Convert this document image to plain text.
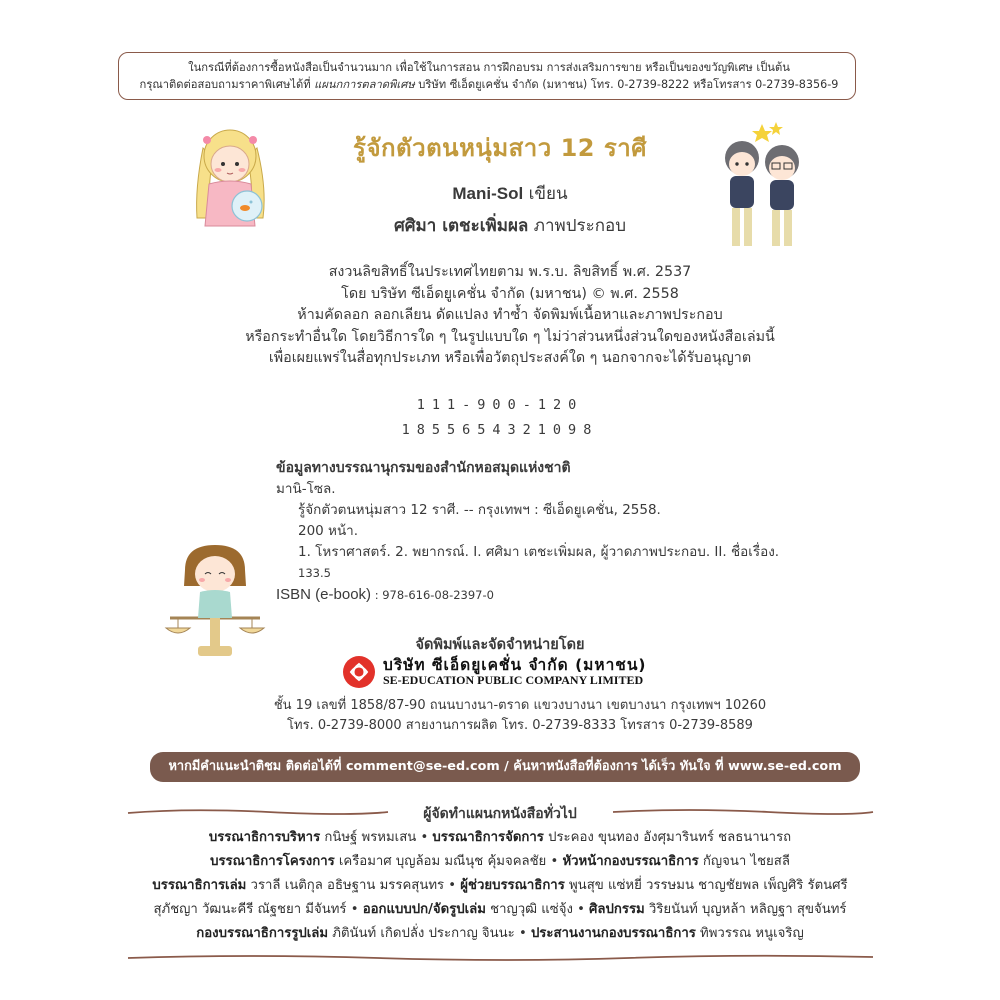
ในกรณีที่ต้องการซื้อหนังสือเป็นจำนวนมาก เพื่อใช้ในการสอน การฝึกอบรม การส่งเสริมการขาย หรือเป็นของขวัญพิเศษ เป็นต้น
กรุณาติดต่อสอบถามราคาพิเศษได้ที่ แผนกการตลาดพิเศษ บริษัท ซีเอ็ดยูเคชั่น จำกัด (มหาชน) โทร. 0-2739-8222 หรือโทรสาร 0-2739-8356-9
รู้จักตัวตนหนุ่มสาว 12 ราศี
Mani-Sol เขียน
ศศิมา เตชะเพิ่มผล ภาพประกอบ
สงวนลิขสิทธิ์ในประเทศไทยตาม พ.ร.บ. ลิขสิทธิ์ พ.ศ. 2537
โดย บริษัท ซีเอ็ดยูเคชั่น จำกัด (มหาชน) © พ.ศ. 2558
ห้ามคัดลอก ลอกเลียน ดัดแปลง ทำซ้ำ จัดพิมพ์เนื้อหาและภาพประกอบ
หรือกระทำอื่นใด โดยวิธีการใด ๆ ในรูปแบบใด ๆ ไม่ว่าส่วนหนึ่งส่วนใดของหนังสือเล่มนี้
เพื่อเผยแพร่ในสื่อทุกประเภท หรือเพื่อวัตถุประสงค์ใด ๆ นอกจากจะได้รับอนุญาต
111-900-120
1855654321098
ข้อมูลทางบรรณานุกรมของสำนักหอสมุดแห่งชาติ
มานิ-โซล.
รู้จักตัวตนหนุ่มสาว 12 ราศี. -- กรุงเทพฯ : ซีเอ็ดยูเคชั่น, 2558.
200 หน้า.
1. โหราศาสตร์. 2. พยากรณ์. I. ศศิมา เตชะเพิ่มผล, ผู้วาดภาพประกอบ. II. ชื่อเรื่อง.
133.5
ISBN (e-book) : 978-616-08-2397-0
จัดพิมพ์และจัดจำหน่ายโดย
บริษัท ซีเอ็ดยูเคชั่น จำกัด (มหาชน)
SE-EDUCATION PUBLIC COMPANY LIMITED
ชั้น 19 เลขที่ 1858/87-90 ถนนบางนา-ตราด แขวงบางนา เขตบางนา กรุงเทพฯ 10260
โทร. 0-2739-8000 สายงานการผลิต โทร. 0-2739-8333 โทรสาร 0-2739-8589
หากมีคำแนะนำติชม ติดต่อได้ที่ comment@se-ed.com / ค้นหาหนังสือที่ต้องการ ได้เร็ว ทันใจ ที่ www.se-ed.com
ผู้จัดทำแผนกหนังสือทั่วไป
บรรณาธิการบริหาร กนิษฐ์ พรหมเสน • บรรณาธิการจัดการ ประคอง ขุนทอง อังศุมารินทร์ ชลธนานารถ
บรรณาธิการโครงการ เครือมาศ บุญล้อม มณีนุช คุ้มจคลชัย • หัวหน้ากองบรรณาธิการ กัญจนา ไชยสลี
บรรณาธิการเล่ม วราลี เนติกุล อธิษฐาน มรรคสุนทร • ผู้ช่วยบรรณาธิการ พูนสุข แซ่หยี่ วรรษมน ชาญชัยพล เพ็ญศิริ รัตนศรี
สุภัชญา วัฒนะคีรี ณัฐชยา มีจันทร์ • ออกแบบปก/จัดรูปเล่ม ชาญวุฒิ แซ่จุ้ง • ศิลปกรรม วิริยนันท์ บุญหล้า หลิญฐา สุขจันทร์
กองบรรณาธิการรูปเล่ม ภิตินันท์ เกิดปลั่ง ประกาญ จินนะ • ประสานงานกองบรรณาธิการ ทิพวรรณ หนูเจริญ
